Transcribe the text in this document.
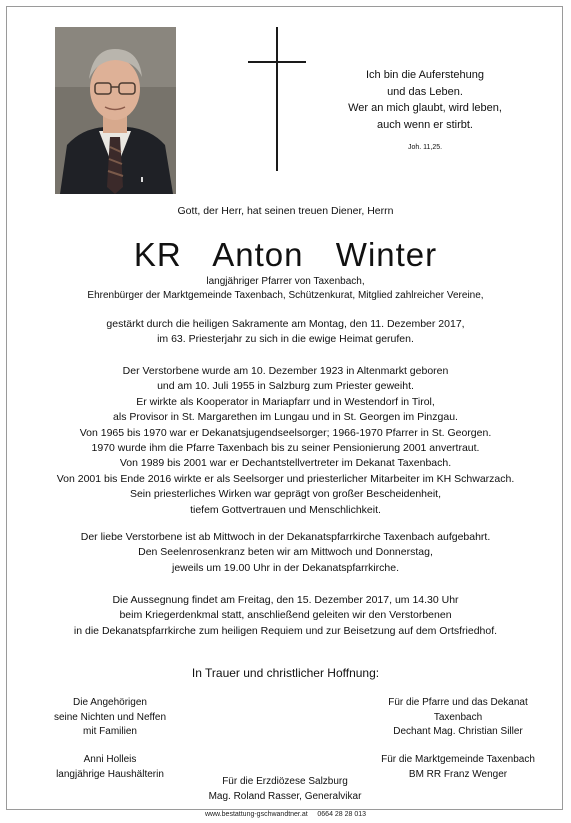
Ich bin die Auferstehung
und das Leben.
Wer an mich glaubt, wird leben,
auch wenn er stirbt.
Joh. 11,25.
Gott, der Herr, hat seinen treuen Diener, Herrn
KR  Anton  Winter
langjähriger Pfarrer von Taxenbach,
Ehrenbürger der Marktgemeinde Taxenbach, Schützenkurat, Mitglied zahlreicher Vereine,
gestärkt durch die heiligen Sakramente am Montag, den 11. Dezember 2017,
im 63. Priesterjahr zu sich in die ewige Heimat gerufen.
Der Verstorbene wurde am 10. Dezember 1923 in Altenmarkt geboren
und am 10. Juli 1955 in Salzburg zum Priester geweiht.
Er wirkte als Kooperator in Mariapfarr und in Westendorf in Tirol,
als Provisor in St. Margarethen im Lungau und in St. Georgen im Pinzgau.
Von 1965 bis 1970 war er Dekanatsjugendseelsorger; 1966-1970 Pfarrer in St. Georgen.
1970 wurde ihm die Pfarre Taxenbach bis zu seiner Pensionierung 2001 anvertraut.
Von 1989 bis 2001 war er Dechantstellvertreter im Dekanat Taxenbach.
Von 2001 bis Ende 2016 wirkte er als Seelsorger und priesterlicher Mitarbeiter im KH Schwarzach.
Sein priesterliches Wirken war geprägt von großer Bescheidenheit,
tiefem Gottvertrauen und Menschlichkeit.
Der liebe Verstorbene ist ab Mittwoch in der Dekanatspfarrkirche Taxenbach aufgebahrt.
Den Seelenrosenkranz beten wir am Mittwoch und Donnerstag,
jeweils um 19.00 Uhr in der Dekanatspfarrkirche.
Die Aussegnung findet am Freitag, den 15. Dezember 2017, um 14.30 Uhr
beim Kriegerdenkmal statt, anschließend geleiten wir den Verstorbenen
in die Dekanatspfarrkirche zum heiligen Requiem und zur Beisetzung auf dem Ortsfriedhof.
In Trauer und christlicher Hoffnung:
Die Angehörigen
seine Nichten und Neffen
mit Familien
Anni Holleis
langjährige Haushälterin
Für die Pfarre und das Dekanat
Taxenbach
Dechant Mag. Christian Siller
Für die Marktgemeinde Taxenbach
BM RR Franz Wenger
Für die Erzdiözese Salzburg
Mag. Roland Rasser, Generalvikar
www.bestattung-gschwandtner.at     0664 28 28 013
